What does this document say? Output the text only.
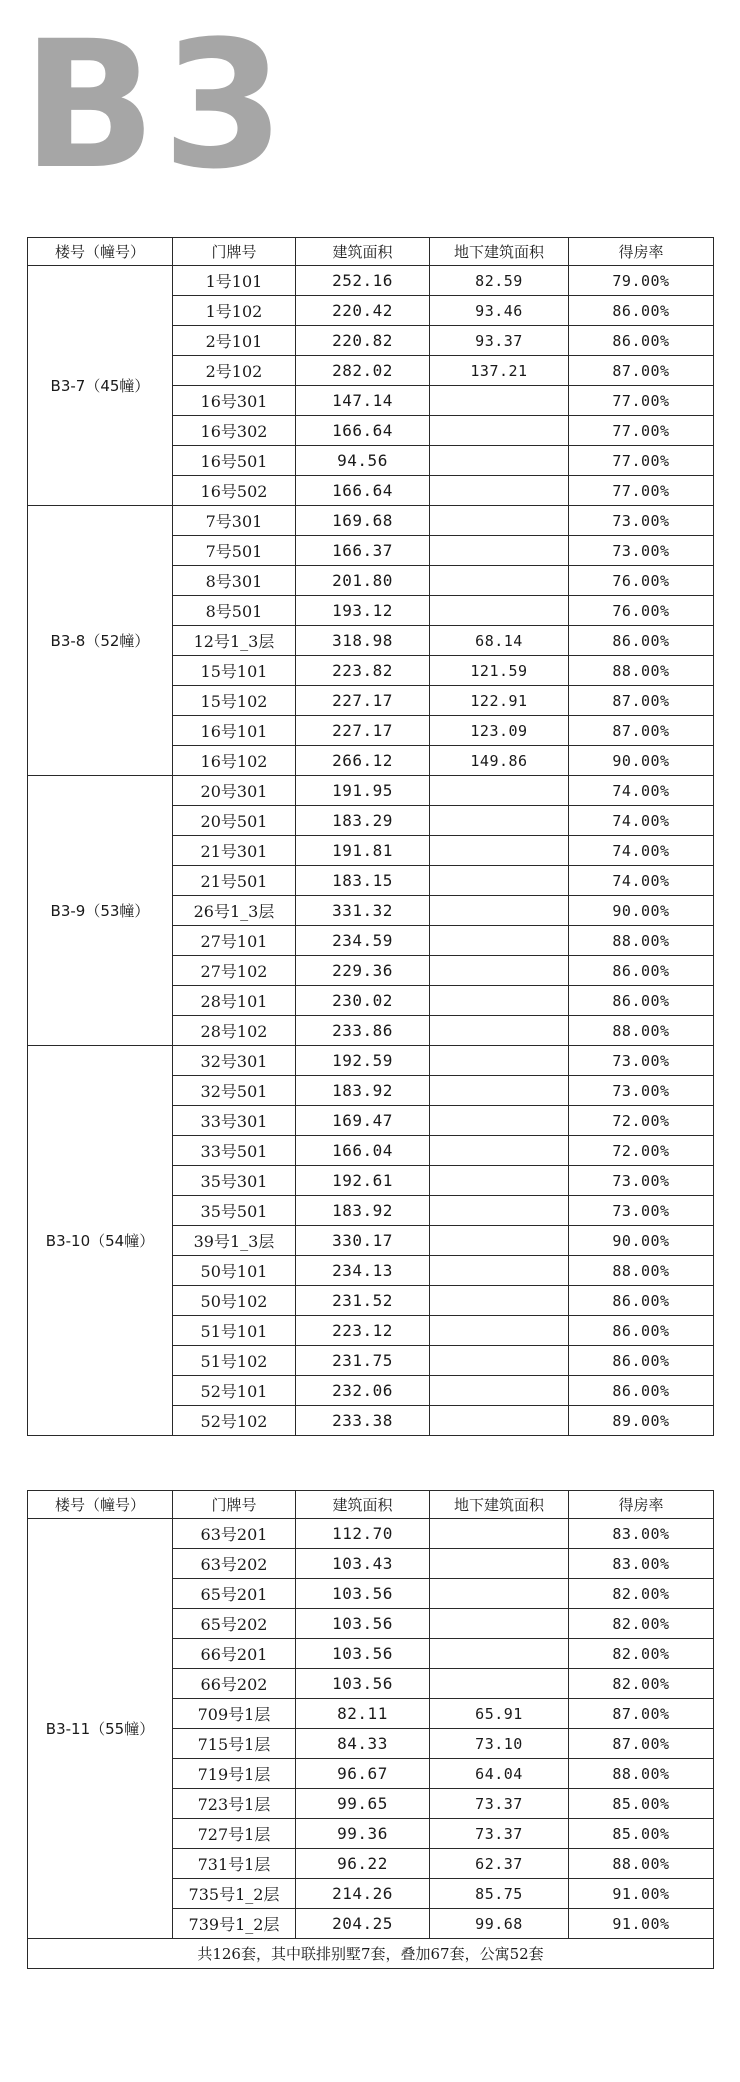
B3
楼号（幢号）	门牌号	建筑面积	地下建筑面积	得房率
B3-7（45幢）	1号101	252.16	82.59	79.00%
	1号102	220.42	93.46	86.00%
	2号101	220.82	93.37	86.00%
	2号102	282.02	137.21	87.00%
	16号301	147.14		77.00%
	16号302	166.64		77.00%
	16号501	94.56		77.00%
	16号502	166.64		77.00%
B3-8（52幢）	7号301	169.68		73.00%
	7号501	166.37		73.00%
	8号301	201.80		76.00%
	8号501	193.12		76.00%
	12号1_3层	318.98	68.14	86.00%
	15号101	223.82	121.59	88.00%
	15号102	227.17	122.91	87.00%
	16号101	227.17	123.09	87.00%
	16号102	266.12	149.86	90.00%
B3-9（53幢）	20号301	191.95		74.00%
	20号501	183.29		74.00%
	21号301	191.81		74.00%
	21号501	183.15		74.00%
	26号1_3层	331.32		90.00%
	27号101	234.59		88.00%
	27号102	229.36		86.00%
	28号101	230.02		86.00%
	28号102	233.86		88.00%
B3-10（54幢）	32号301	192.59		73.00%
	32号501	183.92		73.00%
	33号301	169.47		72.00%
	33号501	166.04		72.00%
	35号301	192.61		73.00%
	35号501	183.92		73.00%
	39号1_3层	330.17		90.00%
	50号101	234.13		88.00%
	50号102	231.52		86.00%
	51号101	223.12		86.00%
	51号102	231.75		86.00%
	52号101	232.06		86.00%
	52号102	233.38		89.00%
楼号（幢号）	门牌号	建筑面积	地下建筑面积	得房率
B3-11（55幢）	63号201	112.70		83.00%
	63号202	103.43		83.00%
	65号201	103.56		82.00%
	65号202	103.56		82.00%
	66号201	103.56		82.00%
	66号202	103.56		82.00%
	709号1层	82.11	65.91	87.00%
	715号1层	84.33	73.10	87.00%
	719号1层	96.67	64.04	88.00%
	723号1层	99.65	73.37	85.00%
	727号1层	99.36	73.37	85.00%
	731号1层	96.22	62.37	88.00%
	735号1_2层	214.26	85.75	91.00%
	739号1_2层	204.25	99.68	91.00%
共126套，其中联排别墅7套，叠加67套，公寓52套				
